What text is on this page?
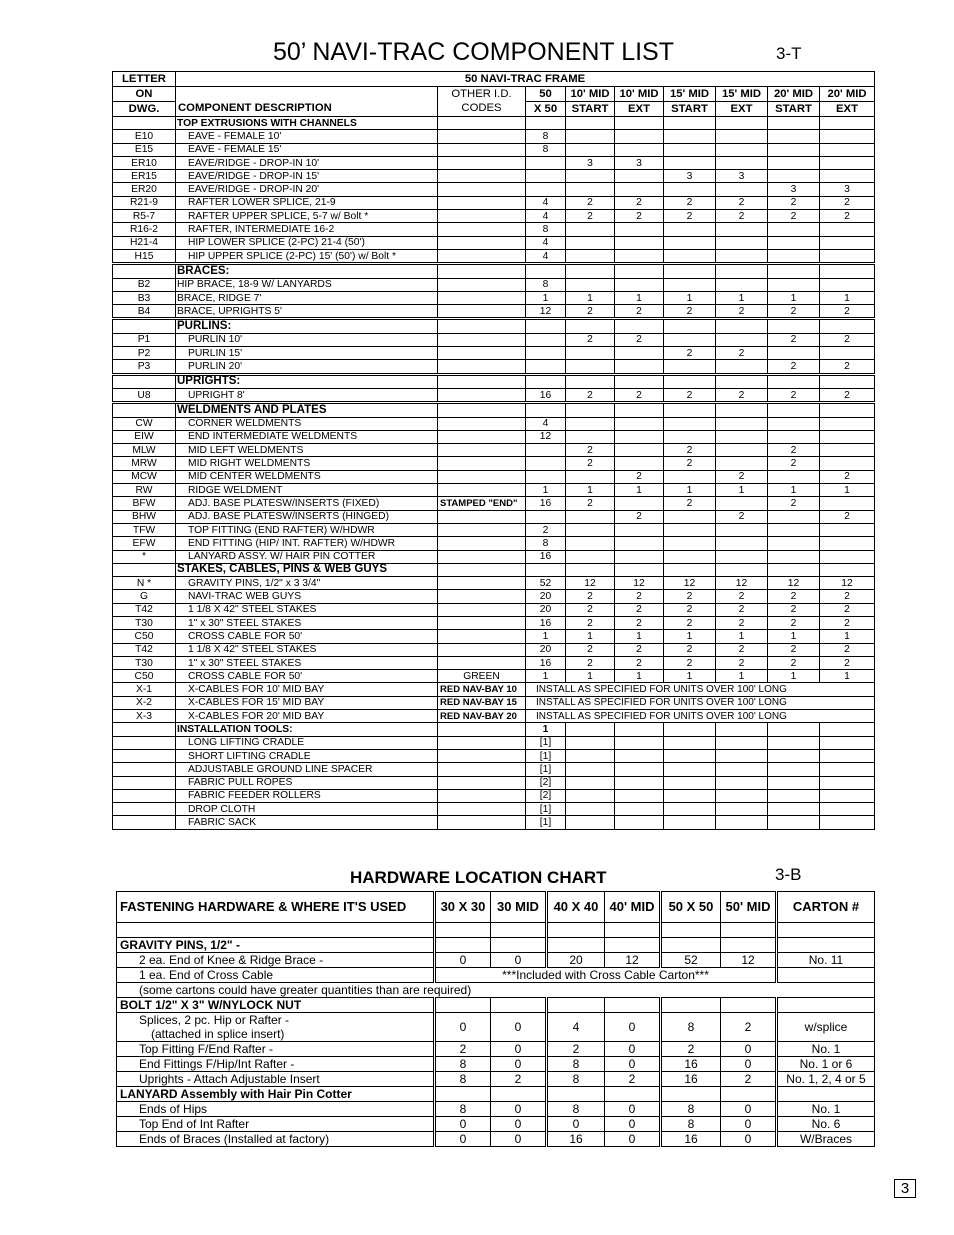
50’ NAVI-TRAC COMPONENT LIST	3-T
LETTER	50 NAVI-TRAC FRAME								
ON		OTHER I.D.	50	10' MID	10' MID	15' MID	15' MID	20' MID	20' MID
DWG.	COMPONENT DESCRIPTION	CODES	X 50	START	EXT	START	EXT	START	EXT
	TOP EXTRUSIONS WITH CHANNELS								
E10	EAVE - FEMALE 10'		8						
E15	EAVE - FEMALE 15'		8						
ER10	EAVE/RIDGE - DROP-IN 10'			3	3				
ER15	EAVE/RIDGE - DROP-IN 15'					3	3		
ER20	EAVE/RIDGE - DROP-IN 20'							3	3
R21-9	RAFTER LOWER SPLICE, 21-9		4	2	2	2	2	2	2
R5-7	RAFTER UPPER SPLICE, 5-7 w/ Bolt *		4	2	2	2	2	2	2
R16-2	RAFTER, INTERMEDIATE 16-2		8						
H21-4	HIP LOWER SPLICE (2-PC) 21-4 (50')		4						
H15	HIP UPPER SPLICE (2-PC) 15' (50') w/ Bolt *		4						
	BRACES:								
B2	HIP BRACE, 18-9 W/ LANYARDS		8						
B3	BRACE, RIDGE 7'		1	1	1	1	1	1	1
B4	BRACE, UPRIGHTS 5'		12	2	2	2	2	2	2
	PURLINS:								
P1	PURLIN 10'			2	2			2	2
P2	PURLIN 15'					2	2		
P3	PURLIN 20'							2	2
	UPRIGHTS:								
U8	UPRIGHT 8'		16	2	2	2	2	2	2
	WELDMENTS AND PLATES								
CW	CORNER WELDMENTS		4						
EIW	END INTERMEDIATE WELDMENTS		12						
MLW	MID LEFT WELDMENTS			2		2		2	
MRW	MID RIGHT WELDMENTS			2		2		2	
MCW	MID CENTER WELDMENTS				2		2		2
RW	RIDGE WELDMENT		1	1	1	1	1	1	1
BFW	ADJ. BASE PLATESW/INSERTS (FIXED)	STAMPED "END"	16	2		2		2	
BHW	ADJ. BASE PLATESW/INSERTS (HINGED)				2		2		2
TFW	TOP FITTING (END RAFTER) W/HDWR		2						
EFW	END FITTING (HIP/ INT. RAFTER) W/HDWR		8						
*	LANYARD ASSY. W/ HAIR PIN COTTER		16						
	STAKES, CABLES, PINS & WEB GUYS								
N *	GRAVITY PINS, 1/2" x 3 3/4"		52	12	12	12	12	12	12
G	NAVI-TRAC WEB GUYS		20	2	2	2	2	2	2
T42	1 1/8 X 42" STEEL STAKES		20	2	2	2	2	2	2
T30	1" x 30" STEEL STAKES		16	2	2	2	2	2	2
C50	CROSS CABLE FOR 50'		1	1	1	1	1	1	1
T42	1 1/8 X 42" STEEL STAKES		20	2	2	2	2	2	2
T30	1" x 30" STEEL STAKES		16	2	2	2	2	2	2
C50	CROSS CABLE FOR 50'	GREEN	1	1	1	1	1	1	1
X-1	X-CABLES FOR 10' MID BAY	RED NAV-BAY 10	INSTALL AS SPECIFIED FOR UNITS OVER 100' LONG						
X-2	X-CABLES FOR 15' MID BAY	RED NAV-BAY 15	INSTALL AS SPECIFIED FOR UNITS OVER 100' LONG						
X-3	X-CABLES FOR 20' MID BAY	RED NAV-BAY 20	INSTALL AS SPECIFIED FOR UNITS OVER 100' LONG						
	INSTALLATION TOOLS:		1						
	LONG LIFTING CRADLE		[1]						
	SHORT LIFTING CRADLE		[1]						
	ADJUSTABLE GROUND LINE SPACER		[1]						
	FABRIC PULL ROPES		[2]						
	FABRIC FEEDER ROLLERS		[2]						
	DROP CLOTH		[1]						
	FABRIC SACK		[1]						
HARDWARE LOCATION CHART	3-B
FASTENING HARDWARE & WHERE IT'S USED	30 X 30	30 MID	40 X 40	40' MID	50 X 50	50' MID	CARTON #

GRAVITY PINS, 1/2" -							
2 ea. End of Knee & Ridge Brace -	0	0	20	12	52	12	No. 11
1 ea. End of Cross Cable	***Included with Cross Cable Carton***						
(some cartons could have greater quantities than are required)							
BOLT 1/2" X 3" W/NYLOCK NUT							

Splices, 2 pc. Hip or Rafter -
(attached in splice insert)	0	0	4	0	8	2	w/splice
Top Fitting F/End Rafter -	2	0	2	0	2	0	No. 1
End Fittings F/Hip/Int Rafter -	8	0	8	0	16	0	No. 1 or 6
Uprights - Attach Adjustable Insert	8	2	8	2	16	2	No. 1, 2, 4 or 5
LANYARD Assembly with Hair Pin Cotter							
Ends of Hips	8	0	8	0	8	0	No. 1
Top End of Int Rafter	0	0	0	0	8	0	No. 6
Ends of Braces (Installed at factory)	0	0	16	0	16	0	W/Braces
3
